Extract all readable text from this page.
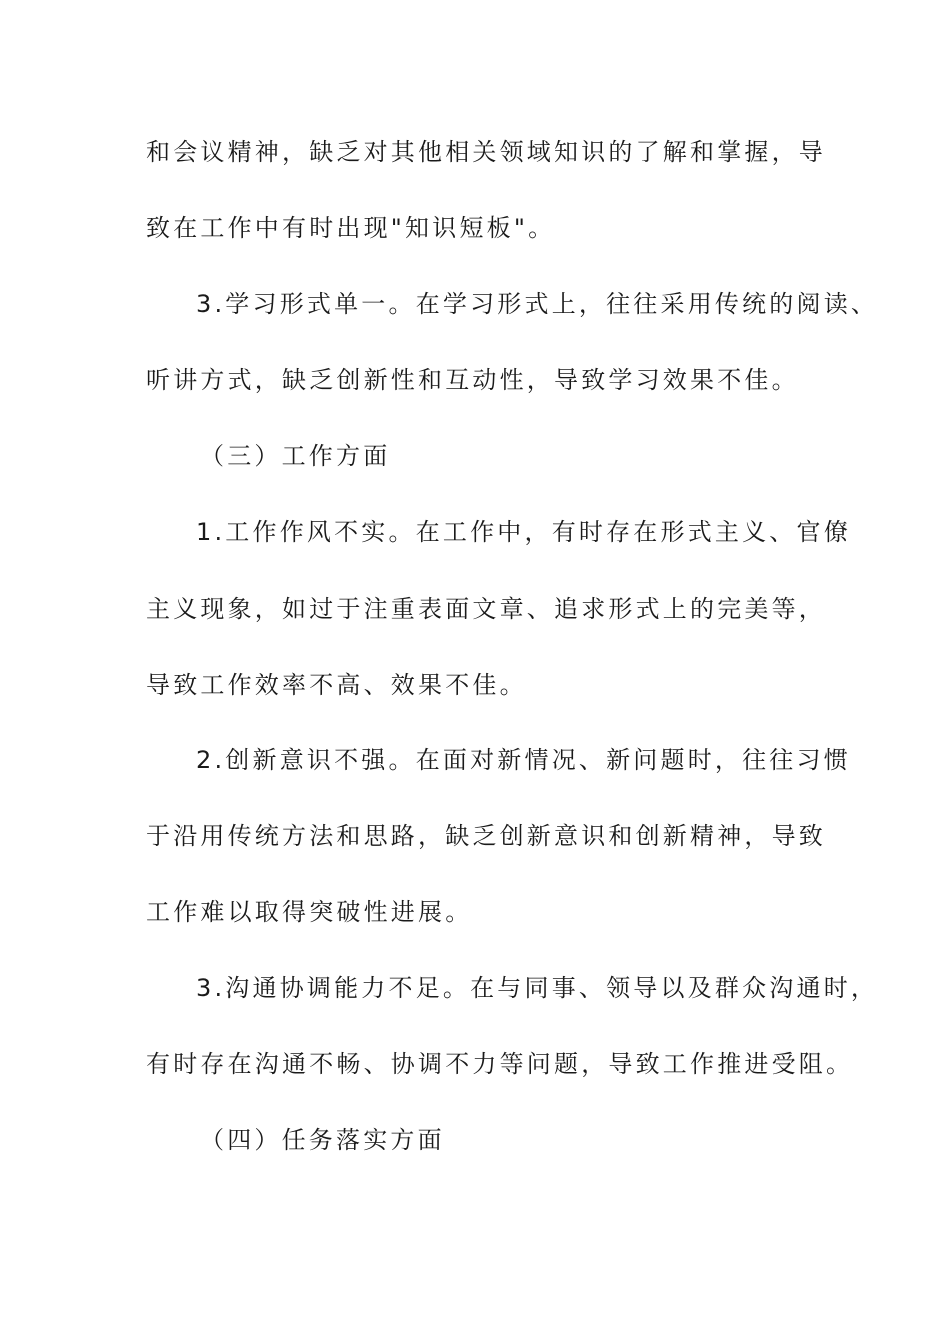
和会议精神，缺乏对其他相关领域知识的了解和掌握，导
致在工作中有时出现"知识短板"。
3.学习形式单一。在学习形式上，往往采用传统的阅读、
听讲方式，缺乏创新性和互动性，导致学习效果不佳。
（三）工作方面
1.工作作风不实。在工作中，有时存在形式主义、官僚
主义现象，如过于注重表面文章、追求形式上的完美等，
导致工作效率不高、效果不佳。
2.创新意识不强。在面对新情况、新问题时，往往习惯
于沿用传统方法和思路，缺乏创新意识和创新精神，导致
工作难以取得突破性进展。
3.沟通协调能力不足。在与同事、领导以及群众沟通时，
有时存在沟通不畅、协调不力等问题，导致工作推进受阻。
（四）任务落实方面
